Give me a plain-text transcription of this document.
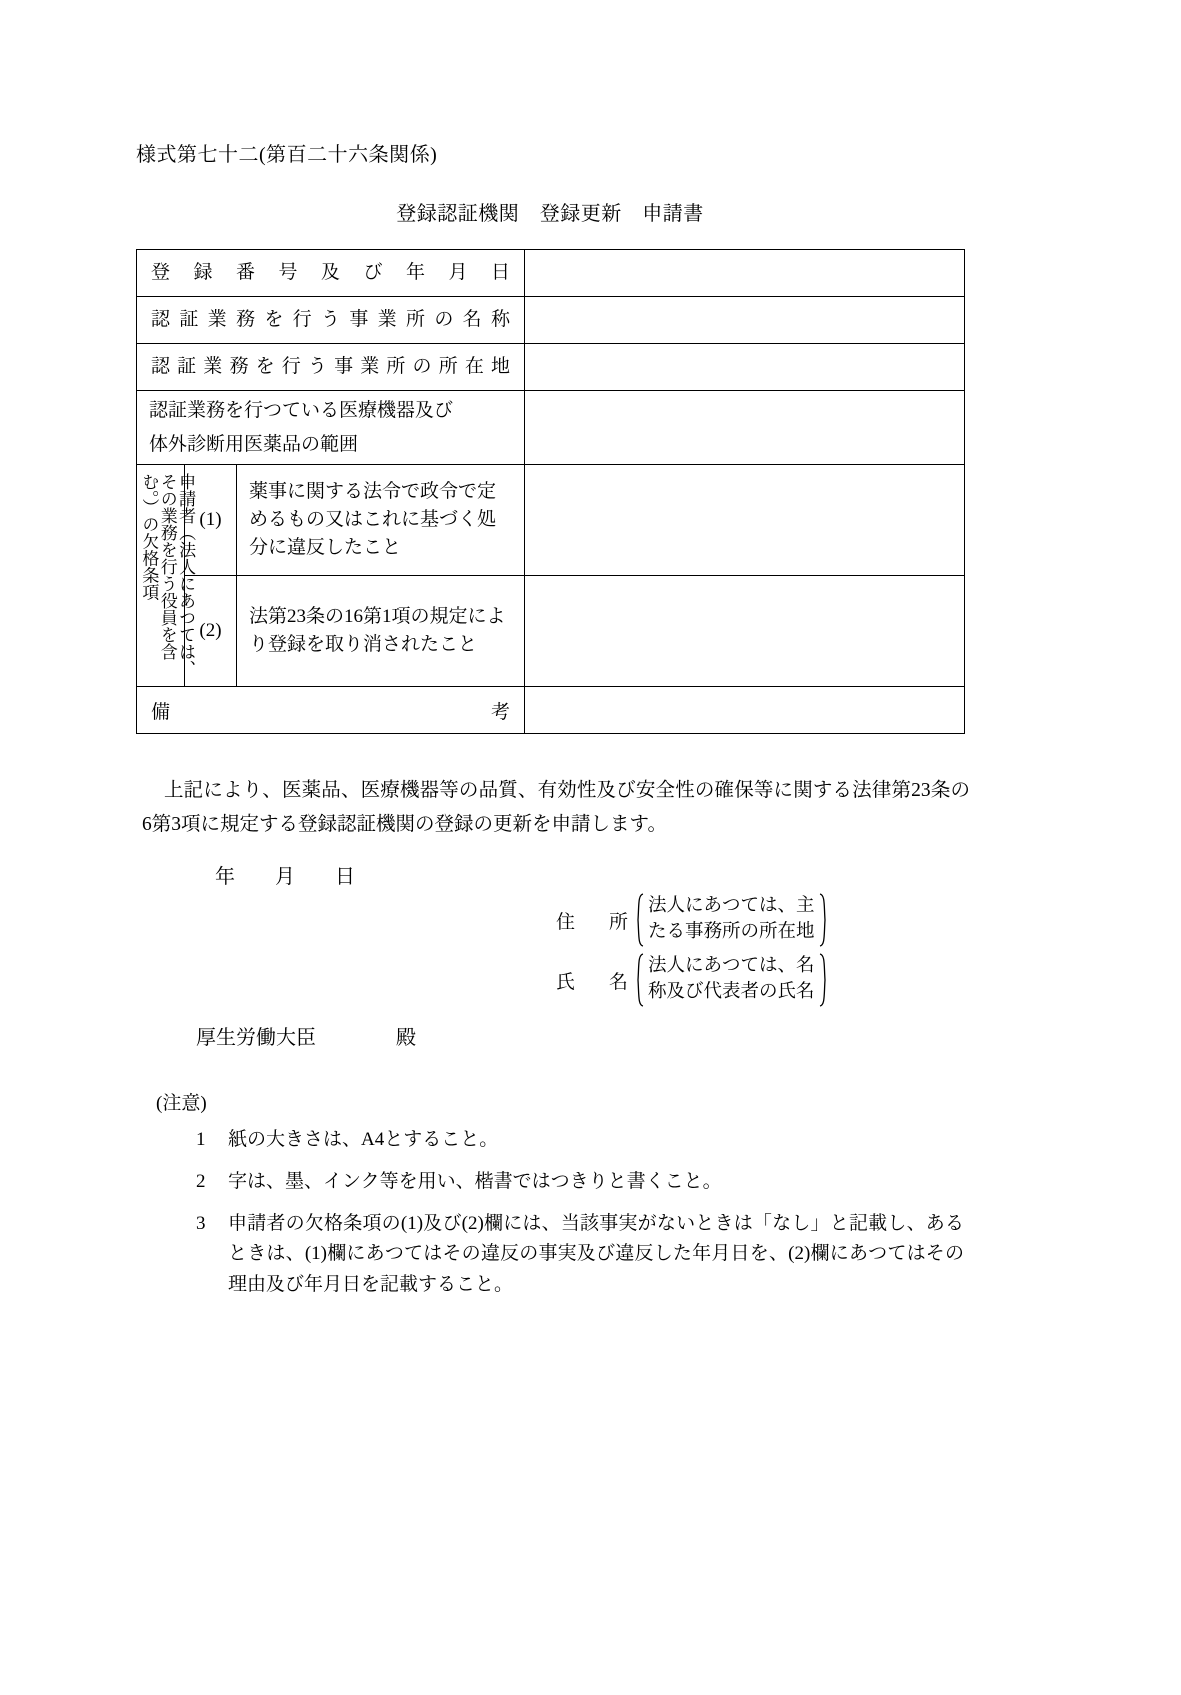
様式第七十二(第百二十六条関係)
登録認証機関　登録更新　申請書
登録番号及び年月日			

認証業務を行う事業所の名称			

認証業務を行う事業所の所在地			

認証業務を行つている医療機器及び
体外診断用医薬品の範囲			

申請者（法人にあつては、その業務を行う役員を含む。）の欠格条項	(1)	薬事に関する法令で政令で定めるもの又はこれに基づく処分に違反したこと	

	(2)	法第23条の16第1項の規定により登録を取り消されたこと	

備考			

上記により、医薬品、医療機器等の品質、有効性及び安全性の確保等に関する法律第23条の6第3項に規定する登録認証機関の登録の更新を申請します。
年　　月　　日
住所
法人にあつては、主
たる事務所の所在地
氏名
法人にあつては、名
称及び代表者の氏名
厚生労働大臣　　　　殿
(注意)
1	紙の大きさは、A4とすること。
2	字は、墨、インク等を用い、楷書ではつきりと書くこと。
3	申請者の欠格条項の(1)及び(2)欄には、当該事実がないときは「なし」と記載し、あるときは、(1)欄にあつてはその違反の事実及び違反した年月日を、(2)欄にあつてはその理由及び年月日を記載すること。
